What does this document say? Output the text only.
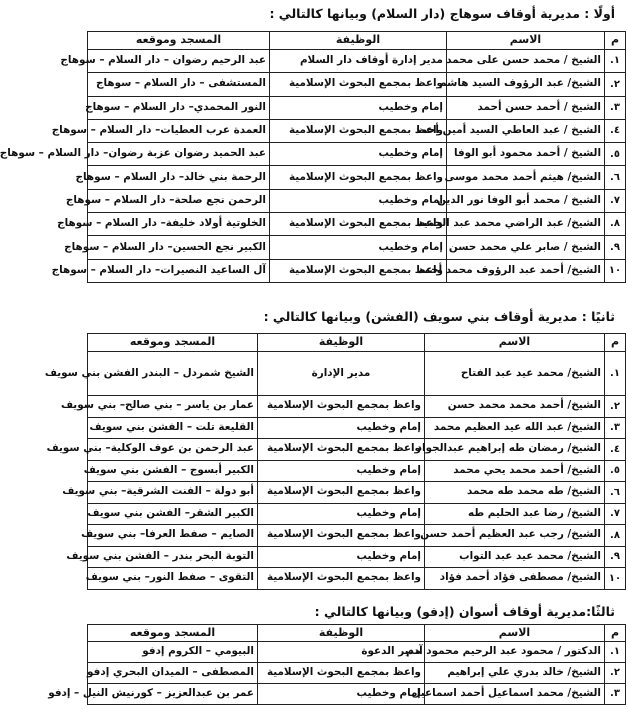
أولًا : مديرية أوقاف سوهاج (دار السلام) وبيانها كالتالي :
م	الاسم	الوظيفة	المسجد وموقعه
١.	الشيخ / محمد حسن على محمد	مدير إدارة أوقاف دار السلام	عبد الرحيم رضوان – دار السلام – سوهاج
٢.	الشيخ/ عبد الرؤوف السيد هاشم	واعظ بمجمع البحوث الإسلامية	المستشفى – دار السلام – سوهاج
٣.	الشيخ / أحمد حسن أحمد	إمام وخطيب	النور المحمدي– دار السلام – سوهاج
٤.	الشيخ / عبد العاطي السيد أمين أحمد	واعظ بمجمع البحوث الإسلامية	العمدة عرب العطيات– دار السلام – سوهاج
٥.	الشيخ / أحمد محمود أبو الوفا	إمام وخطيب	عبد الحميد رضوان عزبة رضوان– دار السلام – سوهاج
٦.	الشيخ/ هيثم أحمد محمد موسى	واعظ بمجمع البحوث الإسلامية	الرحمة بني خالد– دار السلام – سوهاج
٧.	الشيخ / محمد أبو الوفا نور الدين	إمام وخطيب	الرحمن نجع صلحة– دار السلام – سوهاج
٨.	الشيخ/ عبد الراضي محمد عبد الحميد	واعظ بمجمع البحوث الإسلامية	الخلوتية أولاد خليفة– دار السلام – سوهاج
٩.	الشيخ / صابر علي محمد حسن	إمام وخطيب	الكبير نجع الحسين– دار السلام – سوهاج
١٠	الشيخ/ أحمد عبد الرؤوف محمد أحمد	واعظ بمجمع البحوث الإسلامية	آل الساعيد النصيرات– دار السلام – سوهاج
ثانيًا : مديرية أوقاف بني سويف (الفشن) وبيانها كالتالي :
م	الاسم	الوظيفة	المسجد وموقعه
١.	الشيخ/ محمد عيد عبد الفتاح	مدير الإدارة	الشيخ شمردل – البندر الفشن بني سويف
٢.	الشيخ/ أحمد محمد محمد حسن	واعظ بمجمع البحوث الإسلامية	عمار بن ياسر – بني صالح– بني سويف
٣.	الشيخ/ عبد الله عيد العظيم محمد	إمام وخطيب	القليعة تلت – الفشن بني سويف
٤.	الشيخ/ رمضان طه إبراهيم عبدالجواد	واعظ بمجمع البحوث الإسلامية	عبد الرحمن بن عوف الوكلية– بني سويف
٥.	الشيخ/ أحمد محمد يحي محمد	إمام وخطيب	الكبير أبسوج – الفشن بني سويف
٦.	الشيخ/ طه محمد طه محمد	واعظ بمجمع البحوث الإسلامية	أبو دولة – الفنت الشرقية– بني سويف
٧.	الشيخ/ رضا عبد الحليم طه	إمام وخطيب	الكبير الشقر– الفشن بني سويف
٨.	الشيخ/ رجب عبد العظيم أحمد حسن	واعظ بمجمع البحوث الإسلامية	الصايم – صفط العرفا– بني سويف
٩.	الشيخ/ محمد عيد عبد التواب	إمام وخطيب	التوبة البحر بندر – الفشن بني سويف
١٠	الشيخ/ مصطفى فؤاد أحمد فؤاد	واعظ بمجمع البحوث الإسلامية	التقوى – صفط النور– بني سويف
ثالثًا:مديرية أوقاف أسوان (إدفو) وبيانها كالتالي :
م	الاسم	الوظيفة	المسجد وموقعه
١.	الدكتور / محمود عبد الرحيم محمود آدم	مدير الدعوة	البيومي – الكروم إدفو
٢.	الشيخ/ خالد بدري علي إبراهيم	واعظ بمجمع البحوث الإسلامية	المصطفى – الميدان البحري إدفو
٣.	الشيخ/ محمد اسماعيل أحمد اسماعيل	إمام وخطيب	عمر بن عبدالعزيز – كورنيش النيل – إدفو
